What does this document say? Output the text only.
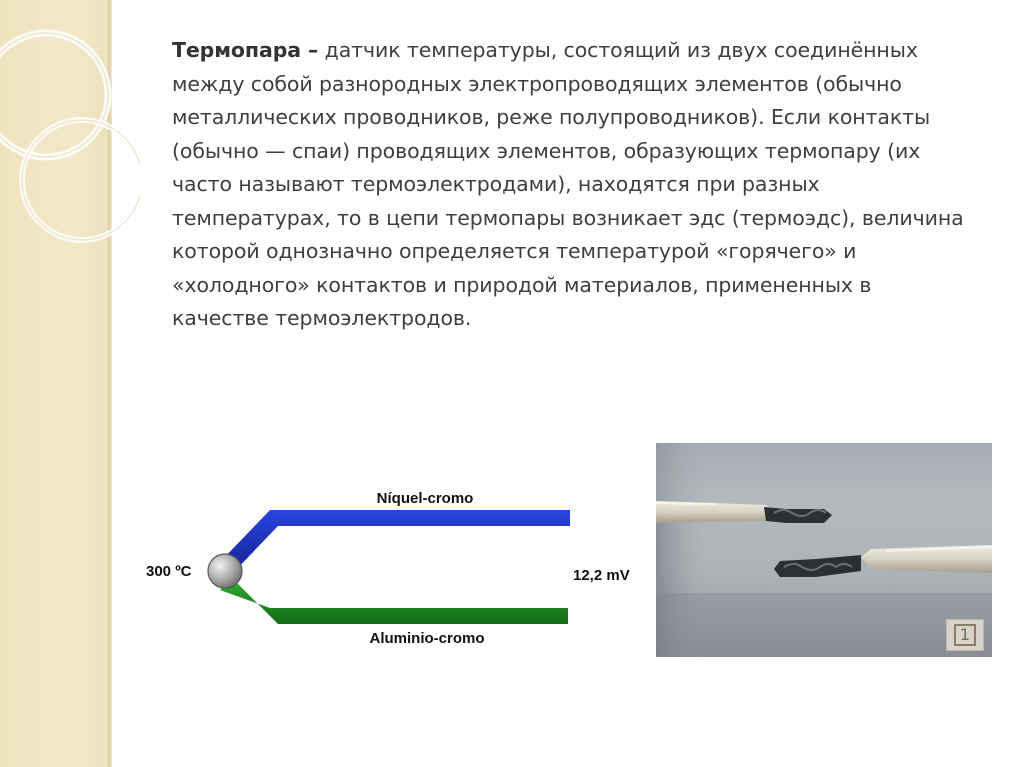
Термопара – датчик температуры, состоящий из двух соединённых между собой разнородных электропроводящих элементов (обычно металлических проводников, реже полупроводников). Если контакты (обычно — спаи) проводящих элементов, образующих термопару (их часто называют термоэлектродами), находятся при разных температурах, то в цепи термопары возникает эдс (термоэдс), величина которой однозначно определяется температурой «горячего» и «холодного» контактов и природой материалов, примененных в качестве термоэлектродов.
Níquel-cromo
Aluminio-cromo
300 ºC	12,2 mV
1
